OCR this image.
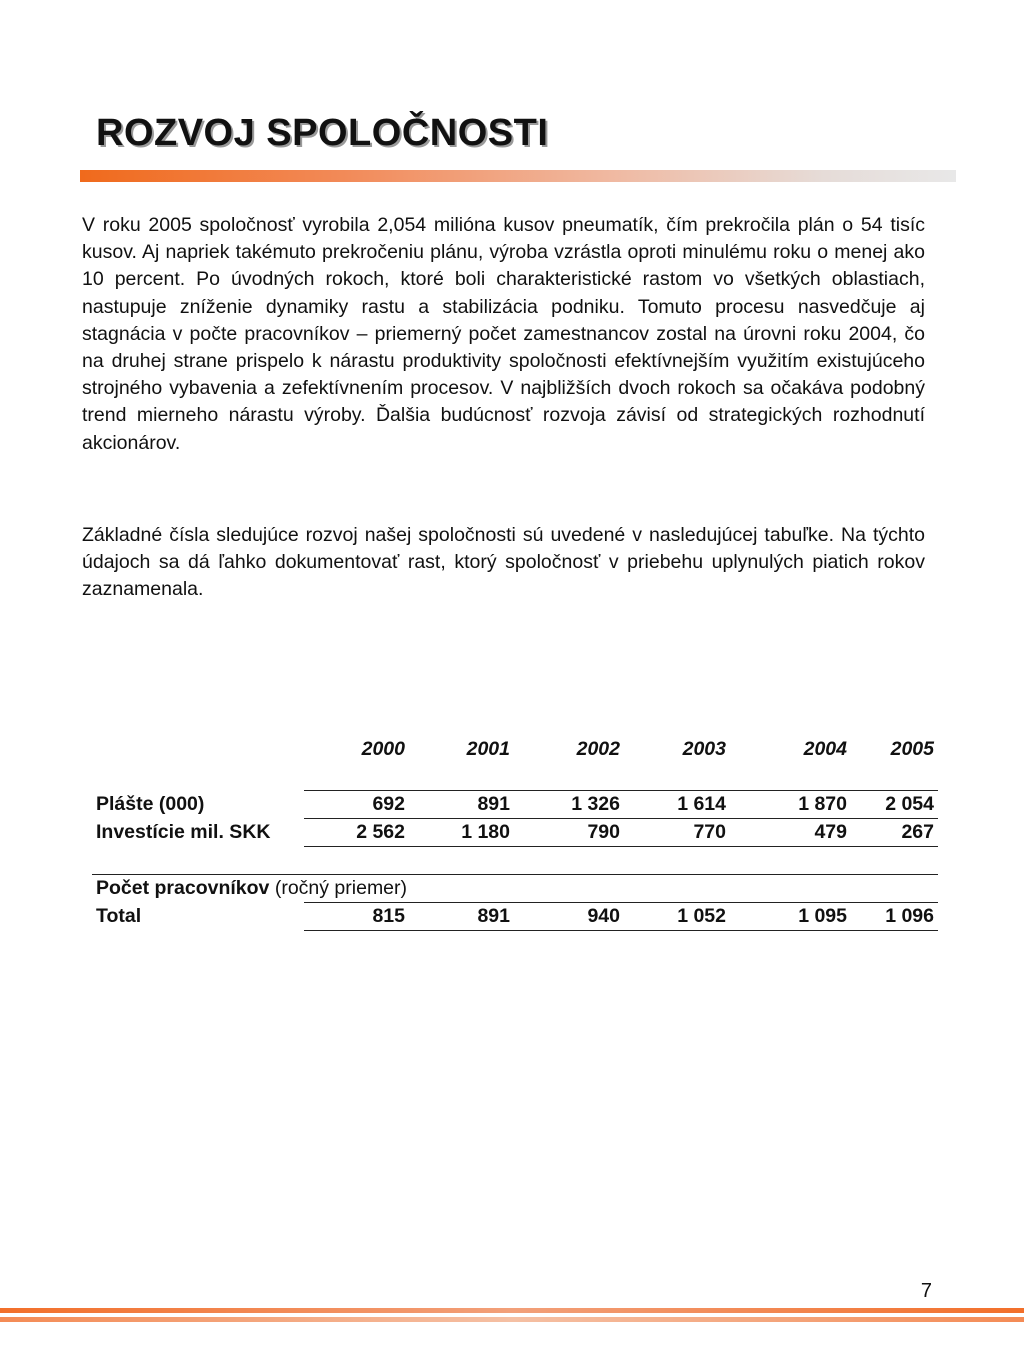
ROZVOJ SPOLOČNOSTI

V roku 2005 spoločnosť vyrobila 2,054 milióna kusov pneumatík, čím prekročila plán o 54 tisíc kusov. Aj napriek takémuto prekročeniu plánu, výroba vzrástla oproti minulému roku o menej ako 10 percent. Po úvodných rokoch, ktoré boli charakteristické rastom vo všetkých oblastiach, nastupuje zníženie dynamiky rastu a stabilizácia podniku. Tomuto procesu nasvedčuje aj stagnácia v počte pracovníkov – priemerný počet zamestnancov zostal na úrovni roku 2004, čo na druhej strane prispelo k nárastu produktivity spoločnosti efektívnejším využitím existujúceho strojného vybavenia a zefektívnením procesov. V najbližších dvoch rokoch sa očakáva podobný trend mierneho nárastu výroby. Ďalšia budúcnosť rozvoja závisí od strategických rozhodnutí akcionárov.

Základné čísla sledujúce rozvoj našej spoločnosti sú uvedené v nasledujúcej tabuľke. Na týchto údajoch sa dá ľahko dokumentovať rast, ktorý spoločnosť v priebehu uplynulých piatich rokov zaznamenala.

	2000	2001	2002	2003	2004	2005

Plášte (000)	692	891	1 326	1 614	1 870	2 054
Investície mil. SKK	2 562	1 180	790	770	479	267

Počet pracovníkov (ročný priemer)						
Total	815	891	940	1 052	1 095	1 096
7
